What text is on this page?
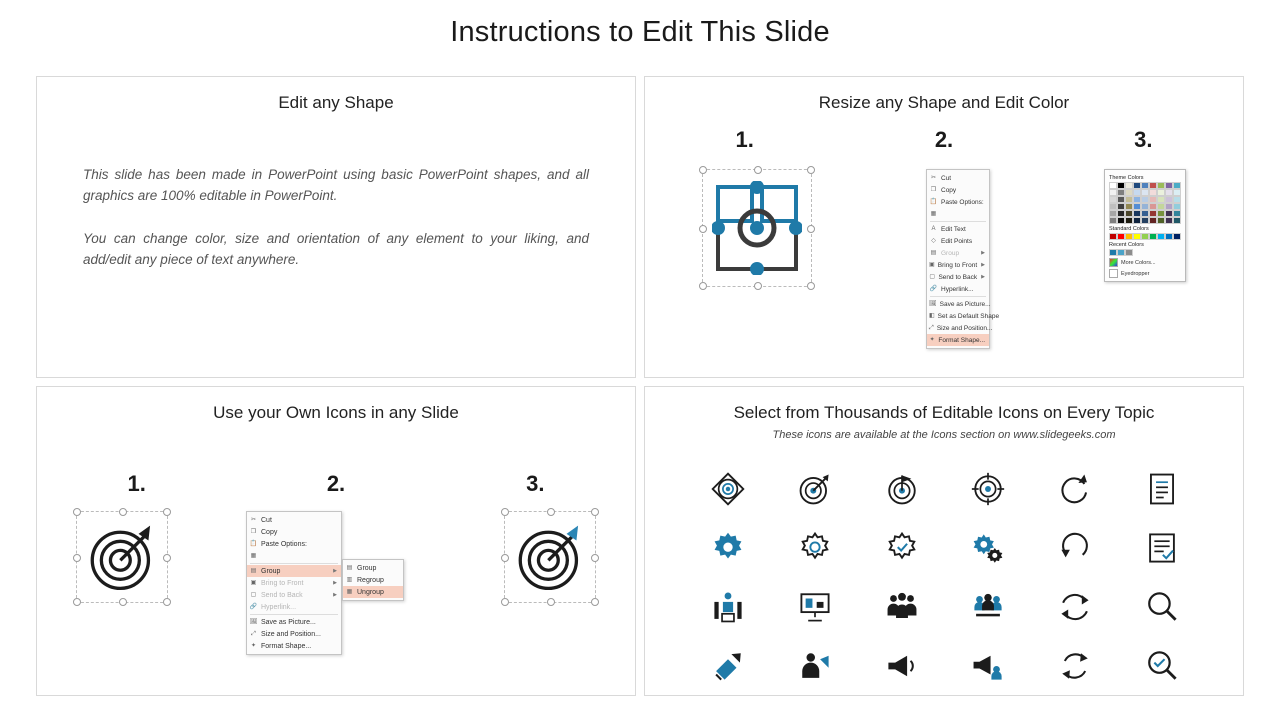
Instructions to Edit This Slide
Edit any Shape
This slide has been made in PowerPoint using basic PowerPoint shapes, and all graphics are 100% editable in PowerPoint.
You can change color, size and orientation of any element to your liking, and add/edit any piece of text anywhere.
Resize any Shape and Edit Color
1.	2.	3.
✂ Cut
❐ Copy
📋 Paste Options:
▦
A Edit Text
◇ Edit Points
▤ Group	▶
▣ Bring to Front ▶
▢ Send to Back ▶
🔗 Hyperlink...
🖼 Save as Picture...
◧ Set as Default Shape
⤢ Size and Position...
✦ Format Shape...
Theme Colors
Standard Colors
Recent Colors
More Colors...
Eyedropper
Use your Own Icons in any Slide
1.	2.	3.
✂ Cut
❐ Copy
📋 Paste Options:
▦
▤ Group	▶
▣ Bring to Front	▶
▢ Send to Back	▶
🔗 Hyperlink...
🖼 Save as Picture...
⤢ Size and Position...
✦ Format Shape...
▤ Group
▥ Regroup
▦ Ungroup
Select from Thousands of Editable Icons on Every Topic
These icons are available at the Icons section on www.slidegeeks.com
